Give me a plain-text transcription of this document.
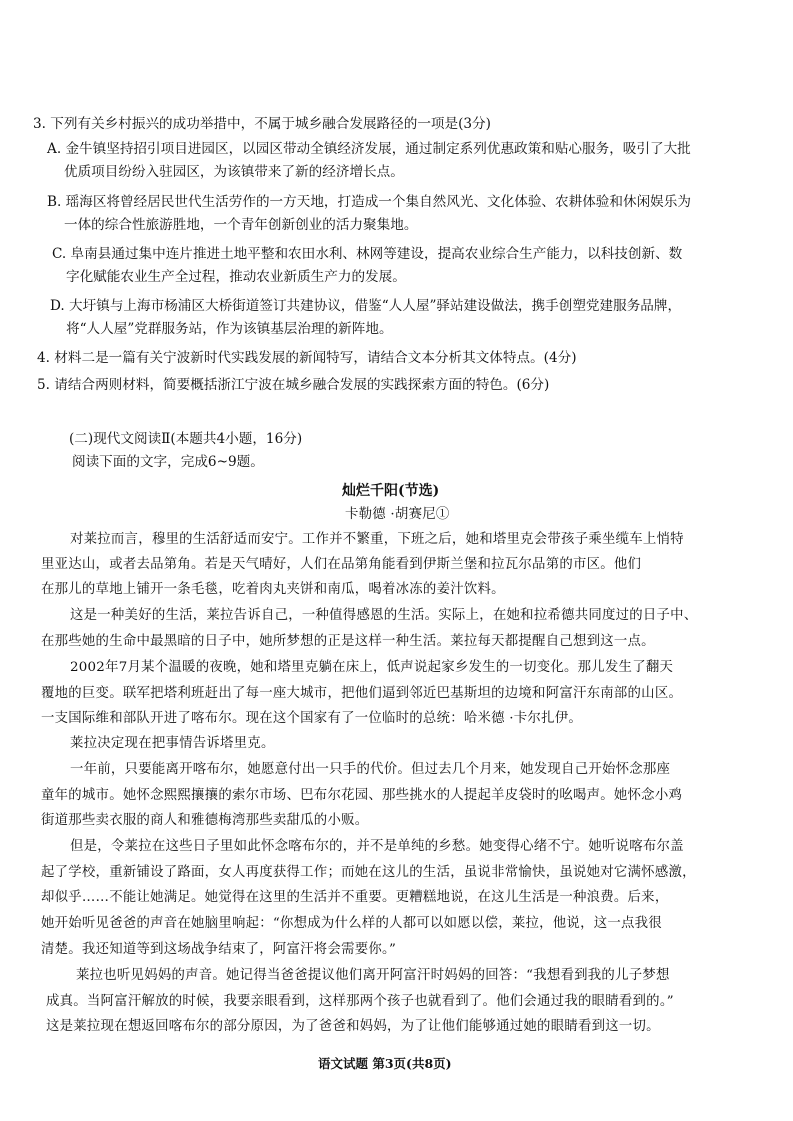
3. 下列有关乡村振兴的成功举措中，不属于城乡融合发展路径的一项是(3分)
A. 金牛镇坚持招引项目进园区，以园区带动全镇经济发展，通过制定系列优惠政策和贴心服务，吸引了大批
优质项目纷纷入驻园区，为该镇带来了新的经济增长点。
B. 瑶海区将曾经居民世代生活劳作的一方天地，打造成一个集自然风光、文化体验、农耕体验和休闲娱乐为
一体的综合性旅游胜地，一个青年创新创业的活力聚集地。
C. 阜南县通过集中连片推进土地平整和农田水利、林网等建设，提高农业综合生产能力，以科技创新、数
字化赋能农业生产全过程，推动农业新质生产力的发展。
D. 大圩镇与上海市杨浦区大桥街道签订共建协议，借鉴“人人屋”驿站建设做法，携手创塑党建服务品牌，
将“人人屋”党群服务站，作为该镇基层治理的新阵地。
4. 材料二是一篇有关宁波新时代实践发展的新闻特写，请结合文本分析其文体特点。(4分)
5. 请结合两则材料，简要概括浙江宁波在城乡融合发展的实践探索方面的特色。(6分)
(二)现代文阅读Ⅱ(本题共4小题，16分)
阅读下面的文字，完成6~9题。
灿烂千阳(节选)
卡勒德 ·胡赛尼①
对莱拉而言，穆里的生活舒适而安宁。工作并不繁重，下班之后，她和塔里克会带孩子乘坐缆车上悄特
里亚达山，或者去品第角。若是天气晴好，人们在品第角能看到伊斯兰堡和拉瓦尔品第的市区。他们
在那儿的草地上铺开一条毛毯，吃着肉丸夹饼和南瓜，喝着冰冻的姜汁饮料。
这是一种美好的生活，莱拉告诉自己，一种值得感恩的生活。实际上，在她和拉希德共同度过的日子中、
在那些她的生命中最黑暗的日子中，她所梦想的正是这样一种生活。莱拉每天都提醒自己想到这一点。
2002年7月某个温暖的夜晚，她和塔里克躺在床上，低声说起家乡发生的一切变化。那儿发生了翻天
覆地的巨变。联军把塔利班赶出了每一座大城市，把他们逼到邻近巴基斯坦的边境和阿富汗东南部的山区。
一支国际维和部队开进了喀布尔。现在这个国家有了一位临时的总统：哈米德 ·卡尔扎伊。
莱拉决定现在把事情告诉塔里克。
一年前，只要能离开喀布尔，她愿意付出一只手的代价。但过去几个月来，她发现自己开始怀念那座
童年的城市。她怀念熙熙攘攘的索尔市场、巴布尔花园、那些挑水的人提起羊皮袋时的吆喝声。她怀念小鸡
街道那些卖衣服的商人和雅德梅湾那些卖甜瓜的小贩。
但是，令莱拉在这些日子里如此怀念喀布尔的，并不是单纯的乡愁。她变得心绪不宁。她听说喀布尔盖
起了学校，重新铺设了路面，女人再度获得工作；而她在这儿的生活，虽说非常愉快，虽说她对它满怀感激，
却似乎……不能让她满足。她觉得在这里的生活并不重要。更糟糕地说，在这儿生活是一种浪费。后来，
她开始听见爸爸的声音在她脑里响起：“你想成为什么样的人都可以如愿以偿，莱拉，他说，这一点我很
清楚。我还知道等到这场战争结束了，阿富汗将会需要你。”
莱拉也听见妈妈的声音。她记得当爸爸提议他们离开阿富汗时妈妈的回答：“我想看到我的儿子梦想
成真。当阿富汗解放的时候，我要亲眼看到，这样那两个孩子也就看到了。他们会通过我的眼睛看到的。”
这是莱拉现在想返回喀布尔的部分原因，为了爸爸和妈妈，为了让他们能够通过她的眼睛看到这一切。
语文试题 第3页(共8页)
